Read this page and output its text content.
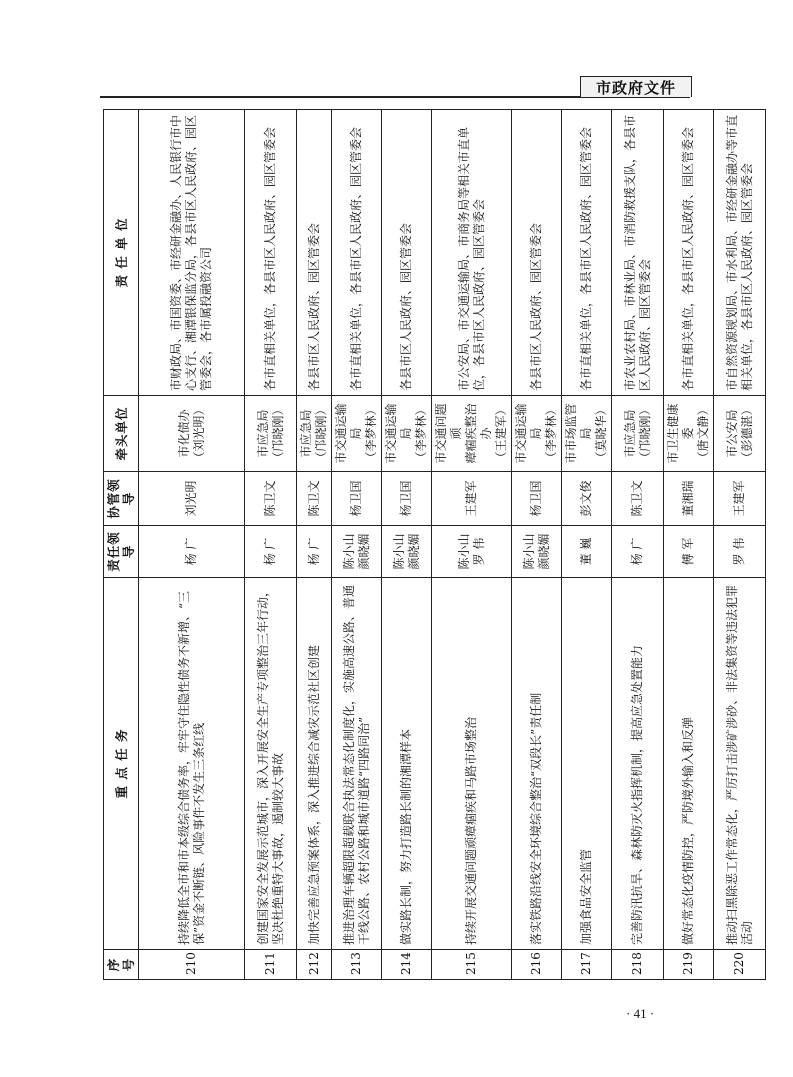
市政府文件
序号	重 点 任 务	责任领导	协管领导	牵头单位	责 任 单 位
210	持续降低全市和市本级综合债务率，牢牢守住隐性债务不新增、“三保”资金不断链、风险事件不发生三条红线	杨 广	刘光明	市化债办 （刘光明）	市财政局、市国资委、市经研金融办、人民银行市中心支行、湘潭银保监分局，各县市区人民政府、园区管委会，各市属投融资公司
211	创建国家安全发展示范城市，深入开展安全生产专项整治三年行动，坚决杜绝重特大事故，遏制较大事故	杨 广	陈卫文	市应急局 （邝晓刚）	各市直相关单位，各县市区人民政府、园区管委会
212	加快完善应急预案体系，深入推进综合减灾示范社区创建	杨 广	陈卫文	市应急局 （邝晓刚）	各县市区人民政府、园区管委会
213	推进治理车辆超限超载联合执法常态化制度化，实施高速公路、普通干线公路、农村公路和城市道路“四路同治”	陈小山 颜晓媚	杨卫国	市交通运输局 （李梦林）	各市直相关单位，各县市区人民政府、园区管委会
214	做实路长制，努力打造路长制的湘潭样本	陈小山 颜晓媚	杨卫国	市交通运输局 （李梦林）	各县市区人民政府、园区管委会
215	持续开展交通问题顽瘴痼疾和马路市场整治	陈小山 罗 伟	王建军	市交通问题顽 瘴痼疾整治办 （王建军）	市公安局、市交通运输局、市商务局等相关市直单位，各县市区人民政府、园区管委会
216	落实铁路沿线安全环境综合整治“双段长”责任制	陈小山 颜晓媚	杨卫国	市交通运输局 （李梦林）	各县市区人民政府、园区管委会
217	加强食品安全监管	董 巍	彭文俊	市市场监管局 （莫晓华）	各市直相关单位，各县市区人民政府、园区管委会
218	完善防汛抗旱、森林防灭火指挥机制，提高应急处置能力	杨 广	陈卫文	市应急局 （邝晓刚）	市农业农村局、市林业局、市消防救援支队，各县市区人民政府、园区管委会
219	做好常态化疫情防控，严防境外输入和反弹	傅 军	董湘瑞	市卫生健康委 （唐文静）	各市直相关单位，各县市区人民政府、园区管委会
220	推动扫黑除恶工作常态化，严厉打击涉矿涉砂、非法集资等违法犯罪活动	罗 伟	王建军	市公安局 （彭德湛）	市自然资源规划局、市水利局、市经研金融办等市直相关单位，各县市区人民政府、园区管委会
· 41 ·
